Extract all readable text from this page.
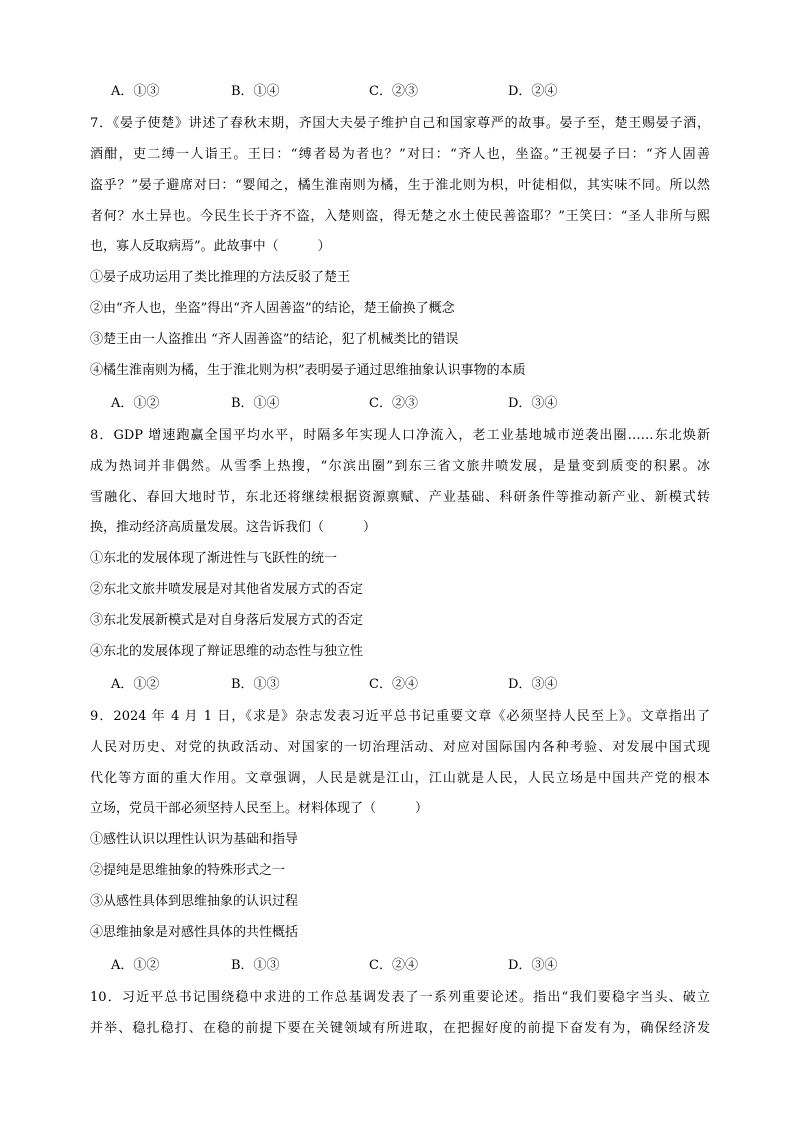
A．①③	B．①④	C．②③	D．②④
7．《晏子使楚》讲述了春秋末期，齐国大夫晏子维护自己和国家尊严的故事。晏子至，楚王赐晏子酒，
酒酣，吏二缚一人诣王。王曰：“缚者曷为者也？”对曰：“齐人也，坐盗。”王视晏子曰：“齐人固善
盗乎？”晏子避席对曰：“婴闻之，橘生淮南则为橘，生于淮北则为枳，叶徒相似，其实味不同。所以然
者何？水土异也。今民生长于齐不盗，入楚则盗，得无楚之水土使民善盗耶？”王笑曰：“圣人非所与熙
也，寡人反取病焉”。此故事中（　　　）
①晏子成功运用了类比推理的方法反驳了楚王
②由“齐人也，坐盗”得出“齐人固善盗”的结论，楚王偷换了概念
③楚王由一人盗推出 “齐人固善盗”的结论，犯了机械类比的错误
④橘生淮南则为橘，生于淮北则为枳”表明晏子通过思维抽象认识事物的本质
A．①②	B．①④	C．②③	D．③④
8．GDP 增速跑赢全国平均水平，时隔多年实现人口净流入，老工业基地城市逆袭出圈……东北焕新
成为热词并非偶然。从雪季上热搜，“尔滨出圈”到东三省文旅井喷发展，是量变到质变的积累。冰
雪融化、春回大地时节，东北还将继续根据资源禀赋、产业基础、科研条件等推动新产业、新模式转
换，推动经济高质量发展。这告诉我们（　　　）
①东北的发展体现了渐进性与飞跃性的统一
②东北文旅井喷发展是对其他省发展方式的否定
③东北发展新模式是对自身落后发展方式的否定
④东北的发展体现了辩证思维的动态性与独立性
A．①②	B．①③	C．②④	D．③④
9．2024 年 4 月 1 日，《求是》杂志发表习近平总书记重要文章《必须坚持人民至上》。文章指出了
人民对历史、对党的执政活动、对国家的一切治理活动、对应对国际国内各种考验、对发展中国式现
代化等方面的重大作用。文章强调，人民是就是江山，江山就是人民，人民立场是中国共产党的根本
立场，党员干部必须坚持人民至上。材料体现了（　　　）
①感性认识以理性认识为基础和指导
②提纯是思维抽象的特殊形式之一
③从感性具体到思维抽象的认识过程
④思维抽象是对感性具体的共性概括
A．①②	B．①③	C．②④	D．③④
10．习近平总书记围绕稳中求进的工作总基调发表了一系列重要论述。指出“我们要稳字当头、破立
并举、稳扎稳打、在稳的前提下要在关键领域有所进取，在把握好度的前提下奋发有为，确保经济发
